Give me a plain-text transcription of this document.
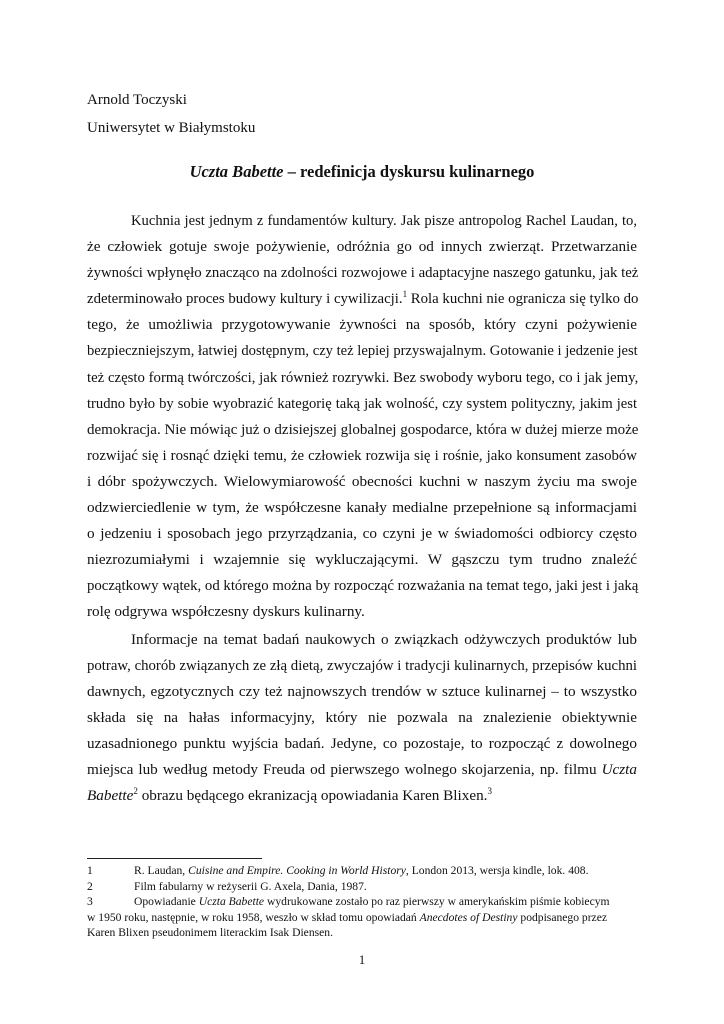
Arnold Toczyski
Uniwersytet w Białymstoku
Uczta Babette – redefinicja dyskursu kulinarnego
Kuchnia jest jednym z fundamentów kultury. Jak pisze antropolog Rachel Laudan, to,
że człowiek gotuje swoje pożywienie, odróżnia go od innych zwierząt. Przetwarzanie
żywności wpłynęło znacząco na zdolności rozwojowe i adaptacyjne naszego gatunku, jak też
zdeterminowało proces budowy kultury i cywilizacji.$^1$ Rola kuchni nie ogranicza się tylko do
tego, że umożliwia przygotowywanie żywności na sposób, który czyni pożywienie
bezpieczniejszym, łatwiej dostępnym, czy też lepiej przyswajalnym. Gotowanie i jedzenie jest
też często formą twórczości, jak również rozrywki. Bez swobody wyboru tego, co i jak jemy,
trudno było by sobie wyobrazić kategorię taką jak wolność, czy system polityczny, jakim jest
demokracja. Nie mówiąc już o dzisiejszej globalnej gospodarce, która w dużej mierze może
rozwijać się i rosnąć dzięki temu, że człowiek rozwija się i rośnie, jako konsument zasobów
i dóbr spożywczych. Wielowymiarowość obecności kuchni w naszym życiu ma swoje
odzwierciedlenie w tym, że współczesne kanały medialne przepełnione są informacjami
o jedzeniu i sposobach jego przyrządzania, co czyni je w świadomości odbiorcy często
niezrozumiałymi i wzajemnie się wykluczającymi. W gąszczu tym trudno znaleźć
początkowy wątek, od którego można by rozpocząć rozważania na temat tego, jaki jest i jaką
rolę odgrywa współczesny dyskurs kulinarny.
Informacje na temat badań naukowych o związkach odżywczych produktów lub
potraw, chorób związanych ze złą dietą, zwyczajów i tradycji kulinarnych, przepisów kuchni
dawnych, egzotycznych czy też najnowszych trendów w sztuce kulinarnej – to wszystko
składa się na hałas informacyjny, który nie pozwala na znalezienie obiektywnie
uzasadnionego punktu wyjścia badań. Jedyne, co pozostaje, to rozpocząć z dowolnego
miejsca lub według metody Freuda od pierwszego wolnego skojarzenia, np. filmu Uczta
Babette$^2$ obrazu będącego ekranizacją opowiadania Karen Blixen.$^3$
1	R. Laudan, Cuisine and Empire. Cooking in World History, London 2013, wersja kindle, lok. 408.
2	Film fabularny w reżyserii G. Axela, Dania, 1987.
3	Opowiadanie Uczta Babette wydrukowane zostało po raz pierwszy w amerykańskim piśmie kobiecym
w 1950 roku, następnie, w roku 1958, weszło w skład tomu opowiadań Anecdotes of Destiny podpisanego przez
Karen Blixen pseudonimem literackim Isak Diensen.
1
